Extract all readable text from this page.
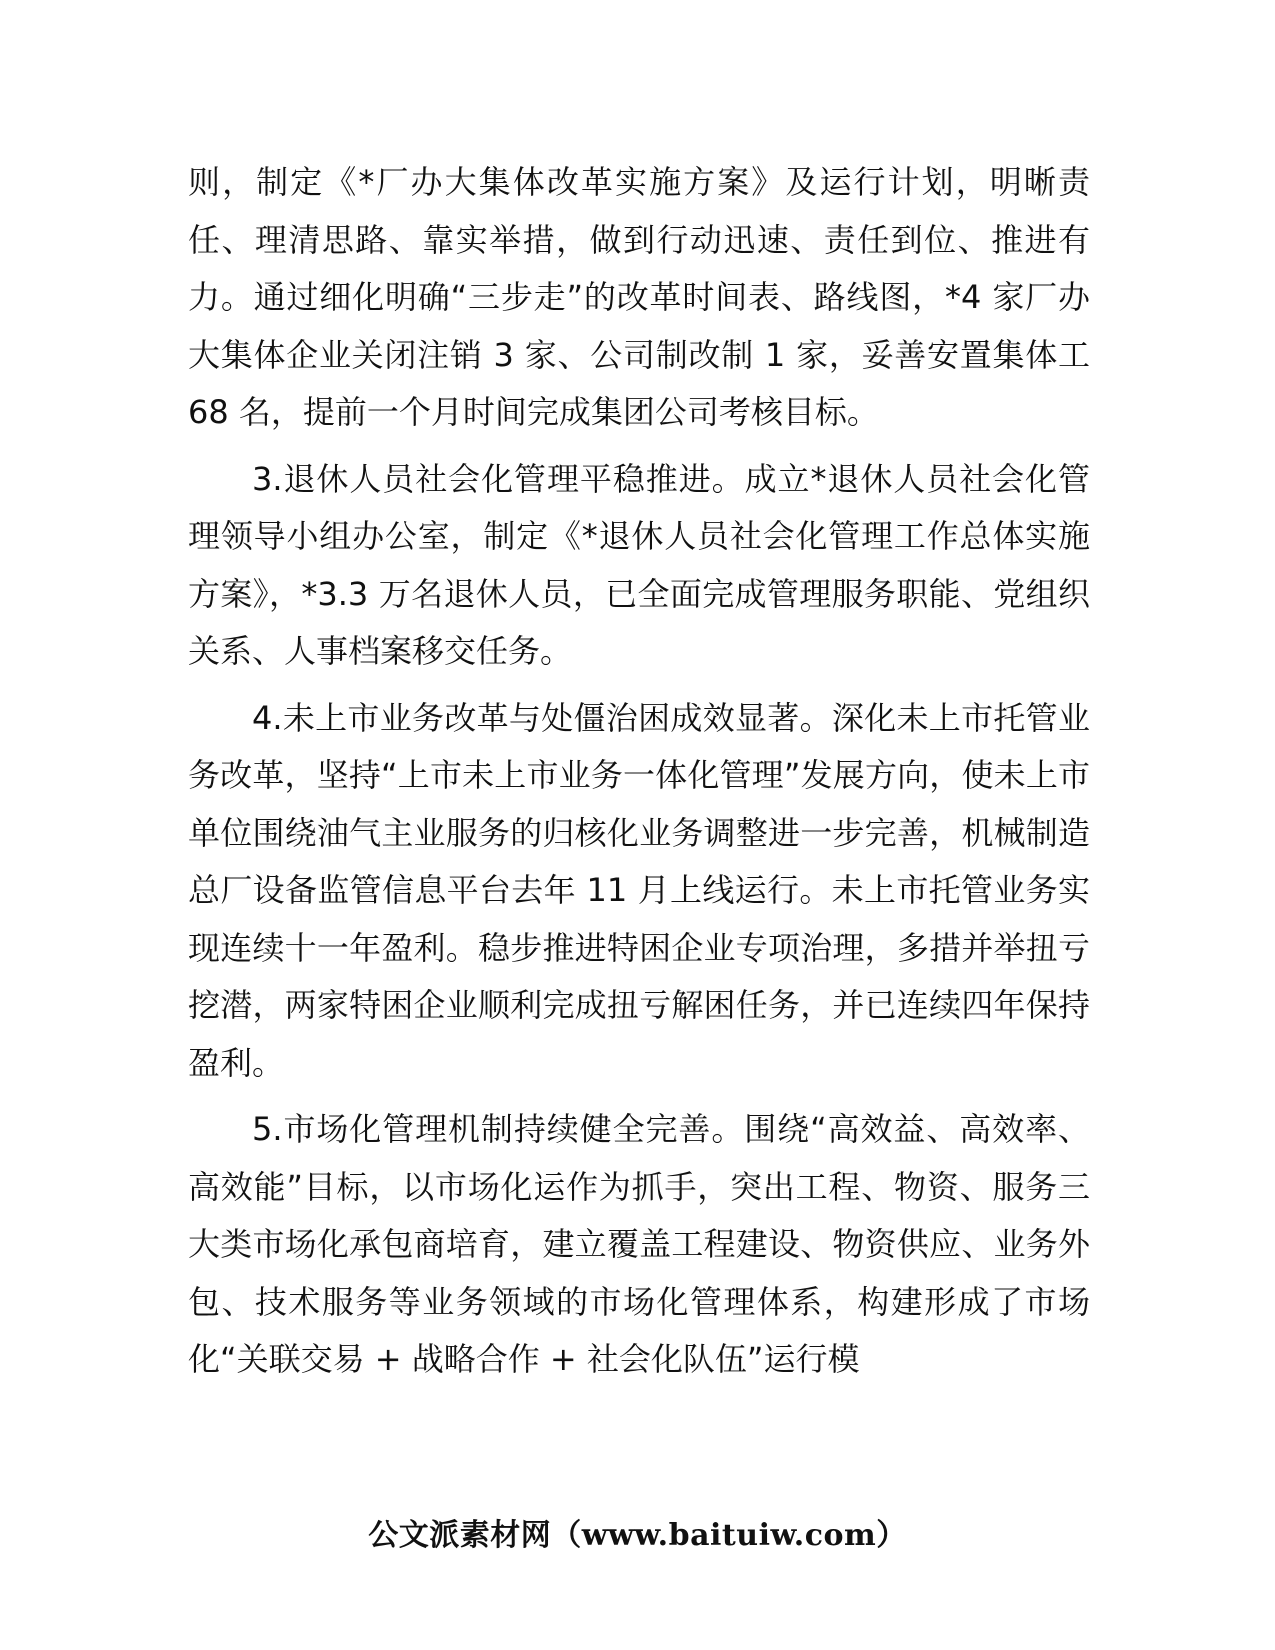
则，制定《*厂办大集体改革实施方案》及运行计划，明晰责任、理清思路、靠实举措，做到行动迅速、责任到位、推进有力。通过细化明确“三步走”的改革时间表、路线图，*4 家厂办大集体企业关闭注销 3 家、公司制改制 1 家，妥善安置集体工 68 名，提前一个月时间完成集团公司考核目标。

3.退休人员社会化管理平稳推进。成立*退休人员社会化管理领导小组办公室，制定《*退休人员社会化管理工作总体实施方案》，*3.3 万名退休人员，已全面完成管理服务职能、党组织关系、人事档案移交任务。

4.未上市业务改革与处僵治困成效显著。深化未上市托管业务改革，坚持“上市未上市业务一体化管理”发展方向，使未上市单位围绕油气主业服务的归核化业务调整进一步完善，机械制造总厂设备监管信息平台去年 11 月上线运行。未上市托管业务实现连续十一年盈利。稳步推进特困企业专项治理，多措并举扭亏挖潜，两家特困企业顺利完成扭亏解困任务，并已连续四年保持盈利。

5.市场化管理机制持续健全完善。围绕“高效益、高效率、高效能”目标，以市场化运作为抓手，突出工程、物资、服务三大类市场化承包商培育，建立覆盖工程建设、物资供应、业务外包、技术服务等业务领域的市场化管理体系，构建形成了市场化“关联交易 + 战略合作 + 社会化队伍”运行模

公文派素材网（www.baituiw.com）
